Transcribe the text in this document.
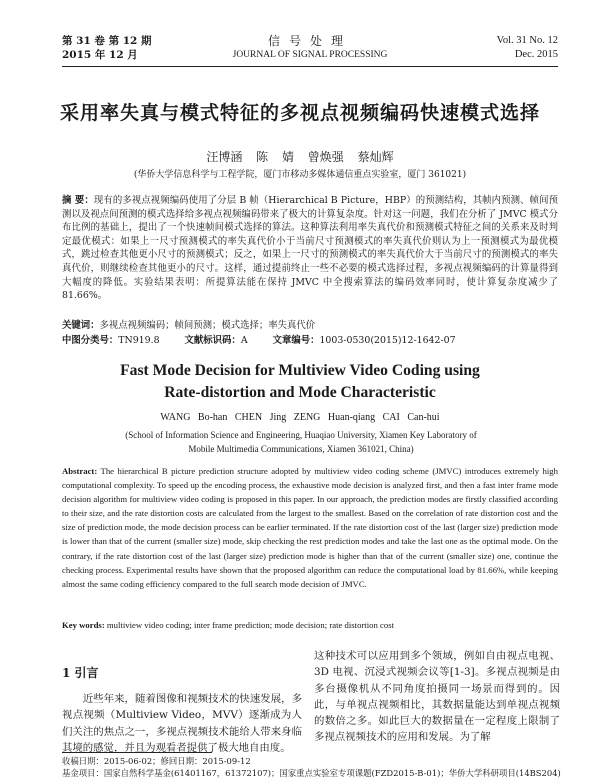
第 31 卷 第 12 期
2015 年 12 月
信号处理
JOURNAL OF SIGNAL PROCESSING
Vol. 31 No. 12
Dec. 2015
采用率失真与模式特征的多视点视频编码快速模式选择
汪博涵 陈 婧 曾焕强 蔡灿辉
(华侨大学信息科学与工程学院，厦门市移动多媒体通信重点实验室，厦门 361021)
摘 要：现有的多视点视频编码使用了分层 B 帧（Hierarchical B Picture，HBP）的预测结构，其帧内预测、帧间预测以及视点间预测的模式选择给多视点视频编码带来了极大的计算复杂度。针对这一问题，我们在分析了 JMVC 模式分布比例的基础上，提出了一个快速帧间模式选择的算法。这种算法利用率失真代价和预测模式特征之间的关系来及时判定最优模式：如果上一尺寸预测模式的率失真代价小于当前尺寸预测模式的率失真代价则认为上一预测模式为最优模式，跳过检查其他更小尺寸的预测模式；反之，如果上一尺寸的预测模式的率失真代价大于当前尺寸的预测模式的率失真代价，则继续检查其他更小的尺寸。这样，通过提前终止一些不必要的模式选择过程，多视点视频编码的计算量得到大幅度的降低。实验结果表明：所提算法能在保持 JMVC 中全搜索算法的编码效率同时，使计算复杂度减少了 81.66%。
关键词：多视点视频编码；帧间预测；模式选择；率失真代价
中图分类号：TN919.8	文献标识码：A	文章编号：1003-0530(2015)12-1642-07
Fast Mode Decision for Multiview Video Coding using
Rate-distortion and Mode Characteristic
WANG Bo-han CHEN Jing ZENG Huan-qiang CAI Can-hui
(School of Information Science and Engineering, Huaqiao University, Xiamen Key Laboratory of Mobile Multimedia Communications, Xiamen 361021, China)
Abstract: The hierarchical B picture prediction structure adopted by multiview video coding scheme (JMVC) introduces extremely high computational complexity. To speed up the encoding process, the exhaustive mode decision is analyzed first, and then a fast inter frame mode decision algorithm for multiview video coding is proposed in this paper. In our approach, the prediction modes are firstly classified according to their size, and the rate distortion costs are calculated from the largest to the smallest. Based on the correlation of rate distortion cost and the size of prediction mode, the mode decision process can be earlier terminated. If the rate distortion cost of the last (larger size) prediction mode is lower than that of the current (smaller size) mode, skip checking the rest prediction modes and take the last one as the optimal mode. On the contrary, if the rate distortion cost of the last (larger size) prediction mode is higher than that of the current (smaller size) one, continue the checking process. Experimental results have shown that the proposed algorithm can reduce the computational load by 81.66%, while keeping almost the same coding efficiency compared to the full search mode decision of JMVC.
Key words: multiview video coding; inter frame prediction; mode decision; rate distortion cost
1 引言

近些年来，随着图像和视频技术的快速发展，多视点视频（Multiview Video，MVV）逐渐成为人们关注的焦点之一，多视点视频技术能给人带来身临其境的感觉，并且为观看者提供了极大地自由度。

这种技术可以应用到多个领域，例如自由视点电视、3D 电视、沉浸式视频会议等[1-3]。多视点视频是由多台摄像机从不同角度拍摄同一场景而得到的。因此，与单视点视频相比，其数据量能达到单视点视频的数倍之多。如此巨大的数据量在一定程度上限制了多视点视频技术的应用和发展。为了解

收稿日期：2015-06-02；修回日期：2015-09-12
基金项目：国家自然科学基金(61401167，61372107)；国家重点实验室专项课题(FZD2015-B-01)；华侨大学科研项目(14BS204)
